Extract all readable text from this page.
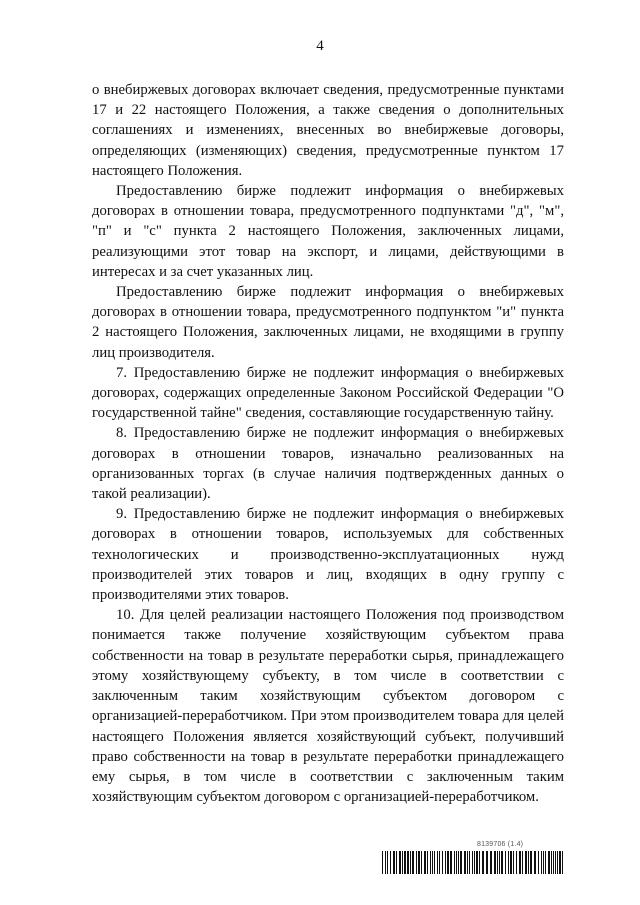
4

о внебиржевых договорах включает сведения, предусмотренные пунктами 17 и 22 настоящего Положения, а также сведения о дополнительных соглашениях и изменениях, внесенных во внебиржевые договоры, определяющих (изменяющих) сведения, предусмотренные пунктом 17 настоящего Положения.

Предоставлению бирже подлежит информация о внебиржевых договорах в отношении товара, предусмотренного подпунктами "д", "м", "п" и "с" пункта 2 настоящего Положения, заключенных лицами, реализующими этот товар на экспорт, и лицами, действующими в интересах и за счет указанных лиц.

Предоставлению бирже подлежит информация о внебиржевых договорах в отношении товара, предусмотренного подпунктом "и" пункта 2 настоящего Положения, заключенных лицами, не входящими в группу лиц производителя.

7. Предоставлению бирже не подлежит информация о внебиржевых договорах, содержащих определенные Законом Российской Федерации "О государственной тайне" сведения, составляющие государственную тайну.

8. Предоставлению бирже не подлежит информация о внебиржевых договорах в отношении товаров, изначально реализованных на организованных торгах (в случае наличия подтвержденных данных о такой реализации).

9. Предоставлению бирже не подлежит информация о внебиржевых договорах в отношении товаров, используемых для собственных технологических и производственно-эксплуатационных нужд производителей этих товаров и лиц, входящих в одну группу с производителями этих товаров.

10. Для целей реализации настоящего Положения под производством понимается также получение хозяйствующим субъектом права собственности на товар в результате переработки сырья, принадлежащего этому хозяйствующему субъекту, в том числе в соответствии с заключенным таким хозяйствующим субъектом договором с организацией-переработчиком. При этом производителем товара для целей настоящего Положения является хозяйствующий субъект, получивший право собственности на товар в результате переработки принадлежащего ему сырья, в том числе в соответствии с заключенным таким хозяйствующим субъектом договором с организацией-переработчиком.

8139706 (1.4)
